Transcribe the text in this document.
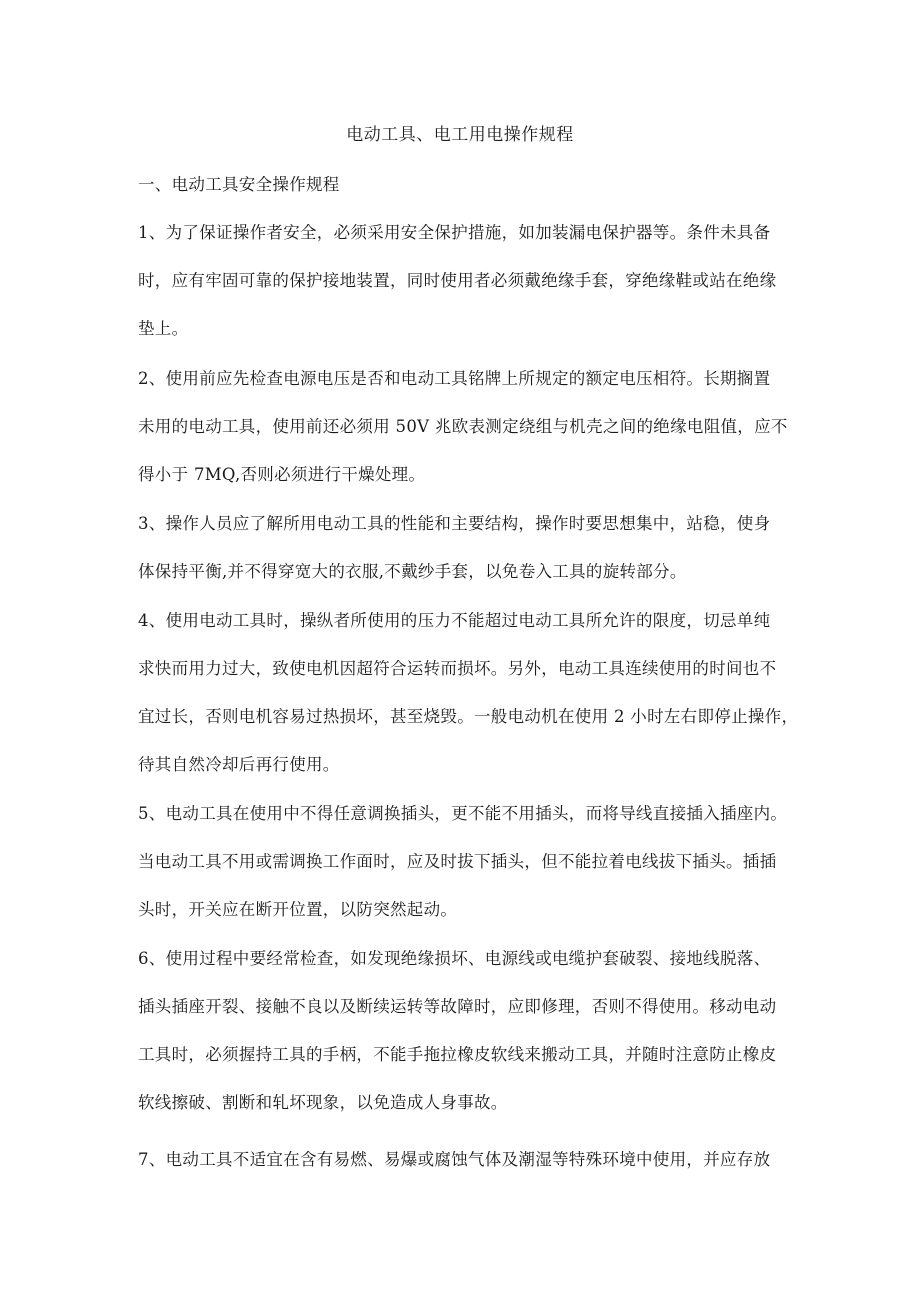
电动工具、电工用电操作规程
一、电动工具安全操作规程
1、为了保证操作者安全，必须采用安全保护措施，如加装漏电保护器等。条件未具备
时，应有牢固可靠的保护接地装置，同时使用者必须戴绝缘手套，穿绝缘鞋或站在绝缘
垫上。
2、使用前应先检查电源电压是否和电动工具铭牌上所规定的额定电压相符。长期搁置
未用的电动工具，使用前还必须用 50V 兆欧表测定绕组与机壳之间的绝缘电阻值，应不
得小于 7MQ,否则必须进行干燥处理。
3、操作人员应了解所用电动工具的性能和主要结构，操作时要思想集中，站稳，使身
体保持平衡,并不得穿宽大的衣服,不戴纱手套，以免卷入工具的旋转部分。
4、使用电动工具时，操纵者所使用的压力不能超过电动工具所允许的限度，切忌单纯
求快而用力过大，致使电机因超符合运转而损坏。另外，电动工具连续使用的时间也不
宜过长，否则电机容易过热损坏，甚至烧毁。一般电动机在使用 2 小时左右即停止操作，
待其自然冷却后再行使用。
5、电动工具在使用中不得任意调换插头，更不能不用插头，而将导线直接插入插座内。
当电动工具不用或需调换工作面时，应及时拔下插头，但不能拉着电线拔下插头。插插
头时，开关应在断开位置，以防突然起动。
6、使用过程中要经常检查，如发现绝缘损坏、电源线或电缆护套破裂、接地线脱落、
插头插座开裂、接触不良以及断续运转等故障时，应即修理，否则不得使用。移动电动
工具时，必须握持工具的手柄，不能手拖拉橡皮软线来搬动工具，并随时注意防止橡皮
软线擦破、割断和轧坏现象，以免造成人身事故。
7、电动工具不适宜在含有易燃、易爆或腐蚀气体及潮湿等特殊环境中使用，并应存放
